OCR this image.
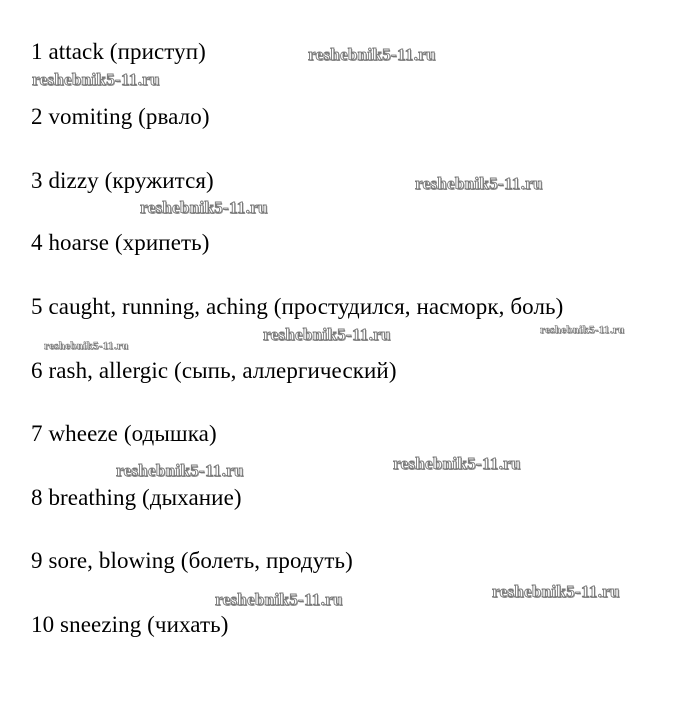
1 attack (приступ)
2 vomiting (рвало)
3 dizzy (кружится)
4 hoarse (хрипеть)
5 caught, running, aching (простудился, насморк, боль)
6 rash, allergic (сыпь, аллергический)
7 wheeze (одышка)
8 breathing (дыхание)
9 sore, blowing (болеть, продуть)
10 sneezing (чихать)
reshebnik5-11.ru
reshebnik5-11.ru
reshebnik5-11.ru
reshebnik5-11.ru
reshebnik5-11.ru	reshebnik5-11.ru
reshebnik5-11.ru
reshebnik5-11.ru
reshebnik5-11.ru
reshebnik5-11.ru
reshebnik5-11.ru
